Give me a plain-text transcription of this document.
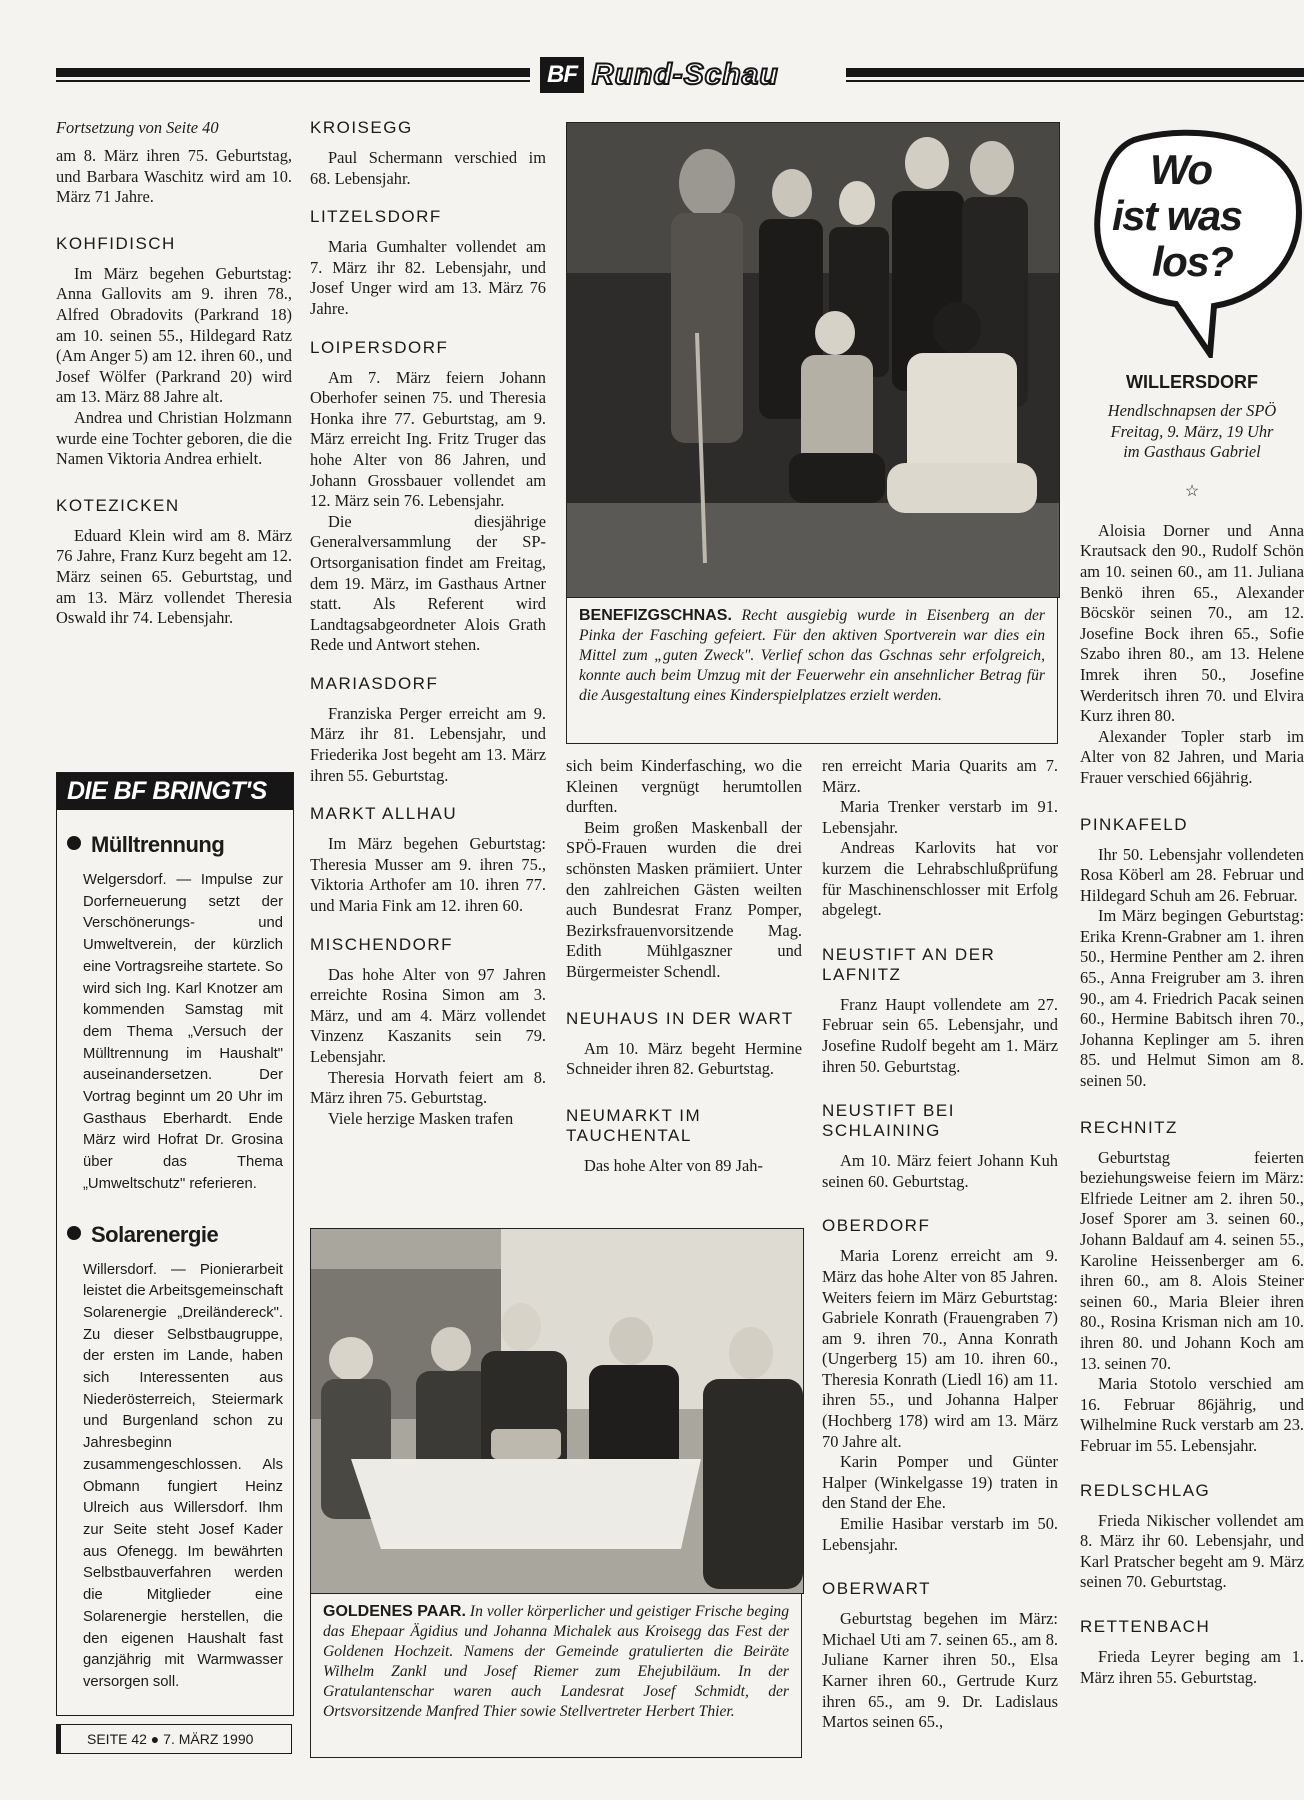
BF Rund-Schau
Fortsetzung von Seite 40

am 8. März ihren 75. Geburtstag, und Barbara Waschitz wird am 10. März 71 Jahre.

KOHFIDISCH

Im März begehen Geburtstag: Anna Gallovits am 9. ihren 78., Alfred Obradovits (Parkrand 18) am 10. seinen 55., Hildegard Ratz (Am Anger 5) am 12. ihren 60., und Josef Wölfer (Parkrand 20) wird am 13. März 88 Jahre alt.

Andrea und Christian Holzmann wurde eine Tochter geboren, die die Namen Viktoria Andrea erhielt.

KOTEZICKEN

Eduard Klein wird am 8. März 76 Jahre, Franz Kurz begeht am 12. März seinen 65. Geburtstag, und am 13. März vollendet Theresia Oswald ihr 74. Lebensjahr.

DIE BF BRINGT'S
Mülltrennung

Welgersdorf. — Impulse zur Dorferneuerung setzt der Verschönerungs- und Umweltverein, der kürzlich eine Vortragsreihe startete. So wird sich Ing. Karl Knotzer am kommenden Samstag mit dem Thema „Versuch der Mülltrennung im Haushalt" auseinandersetzen. Der Vortrag beginnt um 20 Uhr im Gasthaus Eberhardt. Ende März wird Hofrat Dr. Grosina über das Thema „Umweltschutz" referieren.

Solarenergie

Willersdorf. — Pionierarbeit leistet die Arbeitsgemeinschaft Solarenergie „Dreiländereck". Zu dieser Selbstbaugruppe, der ersten im Lande, haben sich Interessenten aus Niederösterreich, Steiermark und Burgenland schon zu Jahresbeginn zusammengeschlossen. Als Obmann fungiert Heinz Ulreich aus Willersdorf. Ihm zur Seite steht Josef Kader aus Ofenegg. Im bewährten Selbstbauverfahren werden die Mitglieder eine Solarenergie herstellen, die den eigenen Haushalt fast ganzjährig mit Warmwasser versorgen soll.

SEITE 42 ● 7. MÄRZ 1990
KROISEGG

Paul Schermann verschied im 68. Lebensjahr.

LITZELSDORF

Maria Gumhalter vollendet am 7. März ihr 82. Lebensjahr, und Josef Unger wird am 13. März 76 Jahre.

LOIPERSDORF

Am 7. März feiern Johann Oberhofer seinen 75. und Theresia Honka ihre 77. Geburtstag, am 9. März erreicht Ing. Fritz Truger das hohe Alter von 86 Jahren, und Johann Grossbauer vollendet am 12. März sein 76. Lebensjahr.

Die diesjährige Generalversammlung der SP-Ortsorganisation findet am Freitag, dem 19. März, im Gasthaus Artner statt. Als Referent wird Landtagsabgeordneter Alois Grath Rede und Antwort stehen.

MARIASDORF

Franziska Perger erreicht am 9. März ihr 81. Lebensjahr, und Friederika Jost begeht am 13. März ihren 55. Geburtstag.

MARKT ALLHAU

Im März begehen Geburtstag: Theresia Musser am 9. ihren 75., Viktoria Arthofer am 10. ihren 77. und Maria Fink am 12. ihren 60.

MISCHENDORF

Das hohe Alter von 97 Jahren erreichte Rosina Simon am 3. März, und am 4. März vollendet Vinzenz Kaszanits sein 79. Lebensjahr.

Theresia Horvath feiert am 8. März ihren 75. Geburtstag.

Viele herzige Masken trafen

BENEFIZGSCHNAS. Recht ausgiebig wurde in Eisenberg an der Pinka der Fasching gefeiert. Für den aktiven Sportverein war dies ein Mittel zum „guten Zweck". Verlief schon das Gschnas sehr erfolgreich, konnte auch beim Umzug mit der Feuerwehr ein ansehnlicher Betrag für die Ausgestaltung eines Kinderspielplatzes erzielt werden.

sich beim Kinderfasching, wo die Kleinen vergnügt herumtollen durften.

Beim großen Maskenball der SPÖ-Frauen wurden die drei schönsten Masken prämiiert. Unter den zahlreichen Gästen weilten auch Bundesrat Franz Pomper, Bezirksfrauenvorsitzende Mag. Edith Mühlgaszner und Bürgermeister Schendl.

NEUHAUS IN DER WART

Am 10. März begeht Hermine Schneider ihren 82. Geburtstag.

NEUMARKT IM TAUCHENTAL

Das hohe Alter von 89 Jah-

ren erreicht Maria Quarits am 7. März.

Maria Trenker verstarb im 91. Lebensjahr.

Andreas Karlovits hat vor kurzem die Lehrabschlußprüfung für Maschinenschlosser mit Erfolg abgelegt.

NEUSTIFT AN DER LAFNITZ

Franz Haupt vollendete am 27. Februar sein 65. Lebensjahr, und Josefine Rudolf begeht am 1. März ihren 50. Geburtstag.

NEUSTIFT BEI SCHLAINING

Am 10. März feiert Johann Kuh seinen 60. Geburtstag.

OBERDORF

Maria Lorenz erreicht am 9. März das hohe Alter von 85 Jahren. Weiters feiern im März Geburtstag: Gabriele Konrath (Frauengraben 7) am 9. ihren 70., Anna Konrath (Ungerberg 15) am 10. ihren 60., Theresia Konrath (Liedl 16) am 11. ihren 55., und Johanna Halper (Hochberg 178) wird am 13. März 70 Jahre alt.

Karin Pomper und Günter Halper (Winkelgasse 19) traten in den Stand der Ehe.

Emilie Hasibar verstarb im 50. Lebensjahr.

OBERWART

Geburtstag begehen im März: Michael Uti am 7. seinen 65., am 8. Juliane Karner ihren 50., Elsa Karner ihren 60., Gertrude Kurz ihren 65., am 9. Dr. Ladislaus Martos seinen 65.,

GOLDENES PAAR. In voller körperlicher und geistiger Frische beging das Ehepaar Ägidius und Johanna Michalek aus Kroisegg das Fest der Goldenen Hochzeit. Namens der Gemeinde gratulierten die Beiräte Wilhelm Zankl und Josef Riemer zum Ehejubiläum. In der Gratulantenschar waren auch Landesrat Josef Schmidt, der Ortsvorsitzende Manfred Thier sowie Stellvertreter Herbert Thier.
Wo
ist was
los?
WILLERSDORF
Hendlschnapsen der SPÖ
Freitag, 9. März, 19 Uhr
im Gasthaus Gabriel
☆

Aloisia Dorner und Anna Krautsack den 90., Rudolf Schön am 10. seinen 60., am 11. Juliana Benkö ihren 65., Alexander Böcskör seinen 70., am 12. Josefine Bock ihren 65., Sofie Szabo ihren 80., am 13. Helene Imrek ihren 50., Josefine Werderitsch ihren 70. und Elvira Kurz ihren 80.

Alexander Topler starb im Alter von 82 Jahren, und Maria Frauer verschied 66jährig.

PINKAFELD

Ihr 50. Lebensjahr vollendeten Rosa Köberl am 28. Februar und Hildegard Schuh am 26. Februar.

Im März begingen Geburtstag: Erika Krenn-Grabner am 1. ihren 50., Hermine Penther am 2. ihren 65., Anna Freigruber am 3. ihren 90., am 4. Friedrich Pacak seinen 60., Hermine Babitsch ihren 70., Johanna Keplinger am 5. ihren 85. und Helmut Simon am 8. seinen 50.

RECHNITZ

Geburtstag feierten beziehungsweise feiern im März: Elfriede Leitner am 2. ihren 50., Josef Sporer am 3. seinen 60., Johann Baldauf am 4. seinen 55., Karoline Heissenberger am 6. ihren 60., am 8. Alois Steiner seinen 60., Maria Bleier ihren 80., Rosina Krisman nich am 10. ihren 80. und Johann Koch am 13. seinen 70.

Maria Stotolo verschied am 16. Februar 86jährig, und Wilhelmine Ruck verstarb am 23. Februar im 55. Lebensjahr.

REDLSCHLAG

Frieda Nikischer vollendet am 8. März ihr 60. Lebensjahr, und Karl Pratscher begeht am 9. März seinen 70. Geburtstag.

RETTENBACH

Frieda Leyrer beging am 1. März ihren 55. Geburtstag.
